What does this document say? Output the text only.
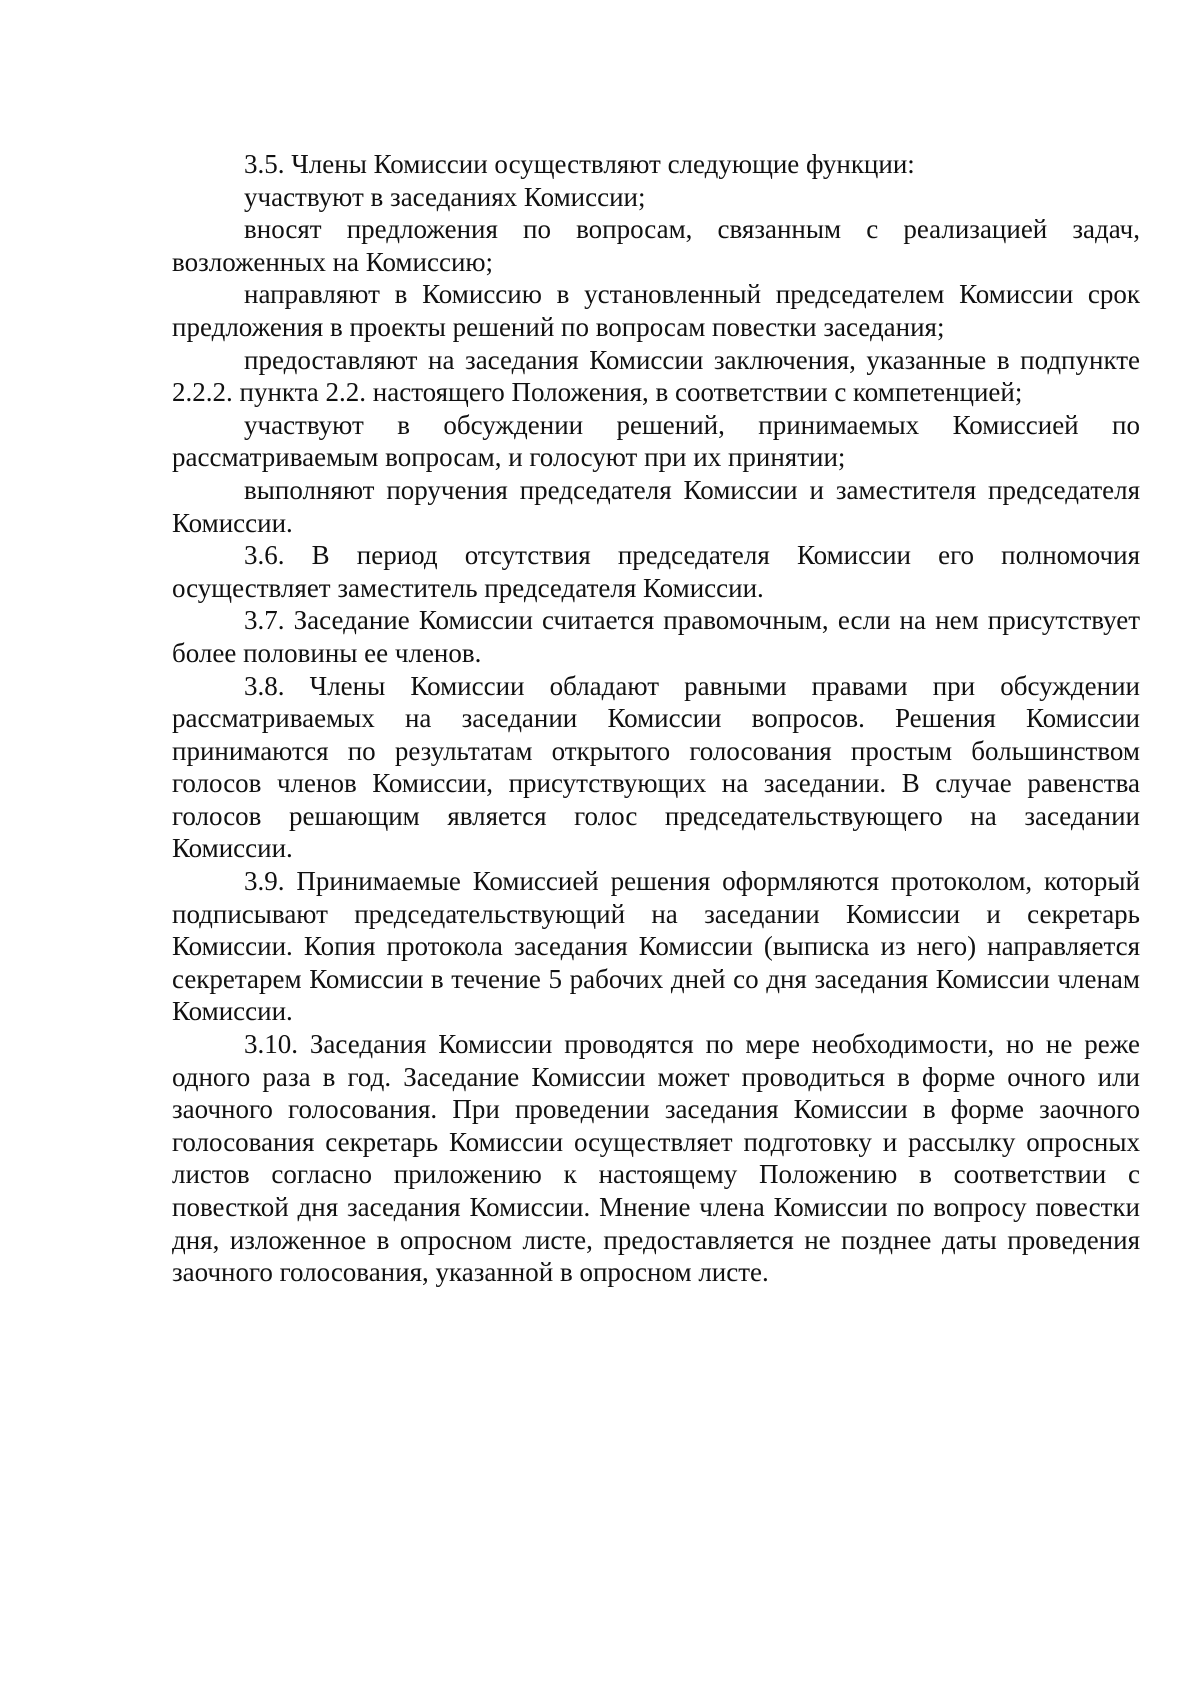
3.5. Члены Комиссии осуществляют следующие функции:

участвуют в заседаниях Комиссии;

вносят предложения по вопросам, связанным с реализацией задач, возложенных на Комиссию;

направляют в Комиссию в установленный председателем Комиссии срок предложения в проекты решений по вопросам повестки заседания;

предоставляют на заседания Комиссии заключения, указанные в подпункте 2.2.2. пункта 2.2. настоящего Положения, в соответствии с компетенцией;

участвуют в обсуждении решений, принимаемых Комиссией по рассматриваемым вопросам, и голосуют при их принятии;

выполняют поручения председателя Комиссии и заместителя председателя Комиссии.

3.6. В период отсутствия председателя Комиссии его полномочия осуществляет заместитель председателя Комиссии.

3.7. Заседание Комиссии считается правомочным, если на нем присутствует более половины ее членов.

3.8. Члены Комиссии обладают равными правами при обсуждении рассматриваемых на заседании Комиссии вопросов. Решения Комиссии принимаются по результатам открытого голосования простым большинством голосов членов Комиссии, присутствующих на заседании. В случае равенства голосов решающим является голос председательствующего на заседании Комиссии.

3.9. Принимаемые Комиссией решения оформляются протоколом, который подписывают председательствующий на заседании Комиссии и секретарь Комиссии. Копия протокола заседания Комиссии (выписка из него) направляется секретарем Комиссии в течение 5 рабочих дней со дня заседания Комиссии членам Комиссии.

3.10. Заседания Комиссии проводятся по мере необходимости, но не реже одного раза в год. Заседание Комиссии может проводиться в форме очного или заочного голосования. При проведении заседания Комиссии в форме заочного голосования секретарь Комиссии осуществляет подготовку и рассылку опросных листов согласно приложению к настоящему Положению в соответствии с повесткой дня заседания Комиссии. Мнение члена Комиссии по вопросу повестки дня, изложенное в опросном листе, предоставляется не позднее даты проведения заочного голосования, указанной в опросном листе.
